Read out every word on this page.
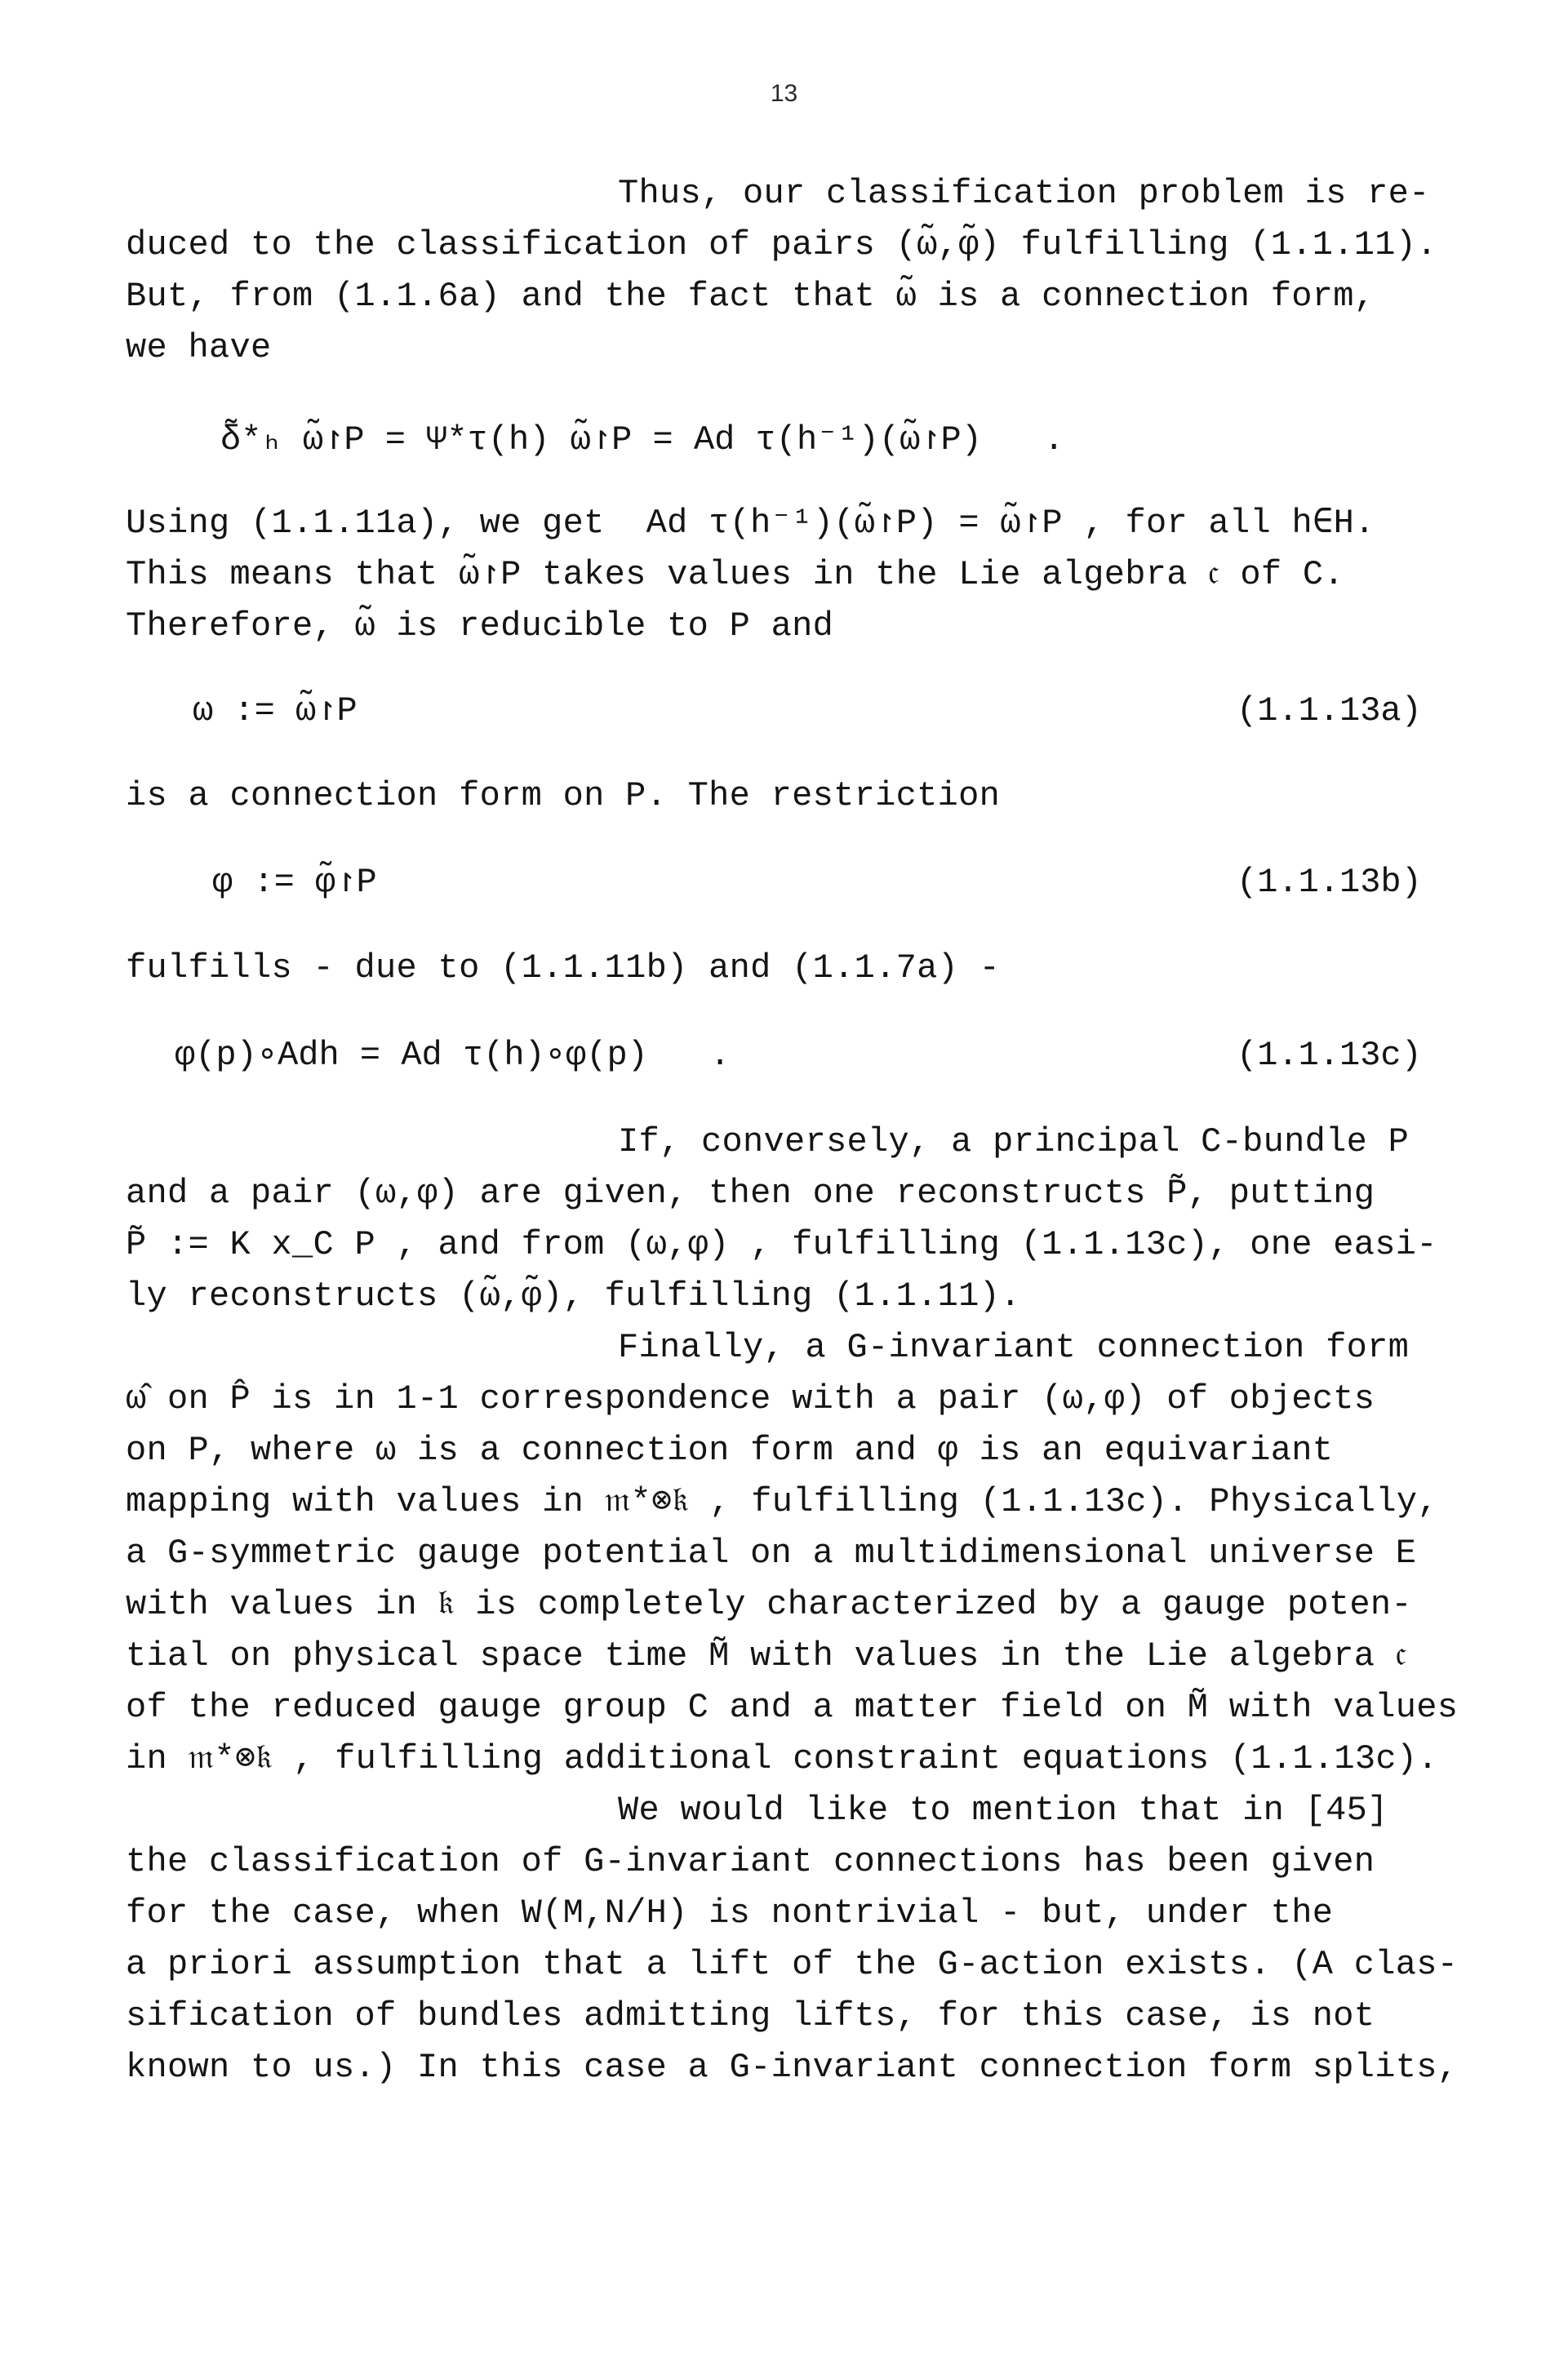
13
Thus, our classification problem is re-
duced to the classification of pairs (ω̃,φ̃) fulfilling (1.1.11).
But, from (1.1.6a) and the fact that ω̃ is a connection form,
we have
δ̃*ₕ ω̃↾P = Ψ*τ(h) ω̃↾P = Ad τ(h⁻¹)(ω̃↾P)   .
Using (1.1.11a), we get  Ad τ(h⁻¹)(ω̃↾P) = ω̃↾P , for all h∈H.
This means that ω̃↾P takes values in the Lie algebra 𝔠 of C.
Therefore, ω̃ is reducible to P and
ω := ω̃↾P	(1.1.13a)
is a connection form on P. The restriction
φ := φ̃↾P	(1.1.13b)
fulfills - due to (1.1.11b) and (1.1.7a) -
φ(p)∘Adh = Ad τ(h)∘φ(p)   .	(1.1.13c)
If, conversely, a principal C-bundle P
and a pair (ω,φ) are given, then one reconstructs P̃, putting
P̃ := K x_C P , and from (ω,φ) , fulfilling (1.1.13c), one easi-
ly reconstructs (ω̃,φ̃), fulfilling (1.1.11).
Finally, a G-invariant connection form
ω̂ on P̂ is in 1-1 correspondence with a pair (ω,φ) of objects
on P, where ω is a connection form and φ is an equivariant
mapping with values in 𝔪*⊗𝔨 , fulfilling (1.1.13c). Physically,
a G-symmetric gauge potential on a multidimensional universe E
with values in 𝔨 is completely characterized by a gauge poten-
tial on physical space time M̃ with values in the Lie algebra 𝔠
of the reduced gauge group C and a matter field on M̃ with values
in 𝔪*⊗𝔨 , fulfilling additional constraint equations (1.1.13c).
We would like to mention that in [45]
the classification of G-invariant connections has been given
for the case, when W(M,N/H) is nontrivial - but, under the
a priori assumption that a lift of the G-action exists. (A clas-
sification of bundles admitting lifts, for this case, is not
known to us.) In this case a G-invariant connection form splits,
